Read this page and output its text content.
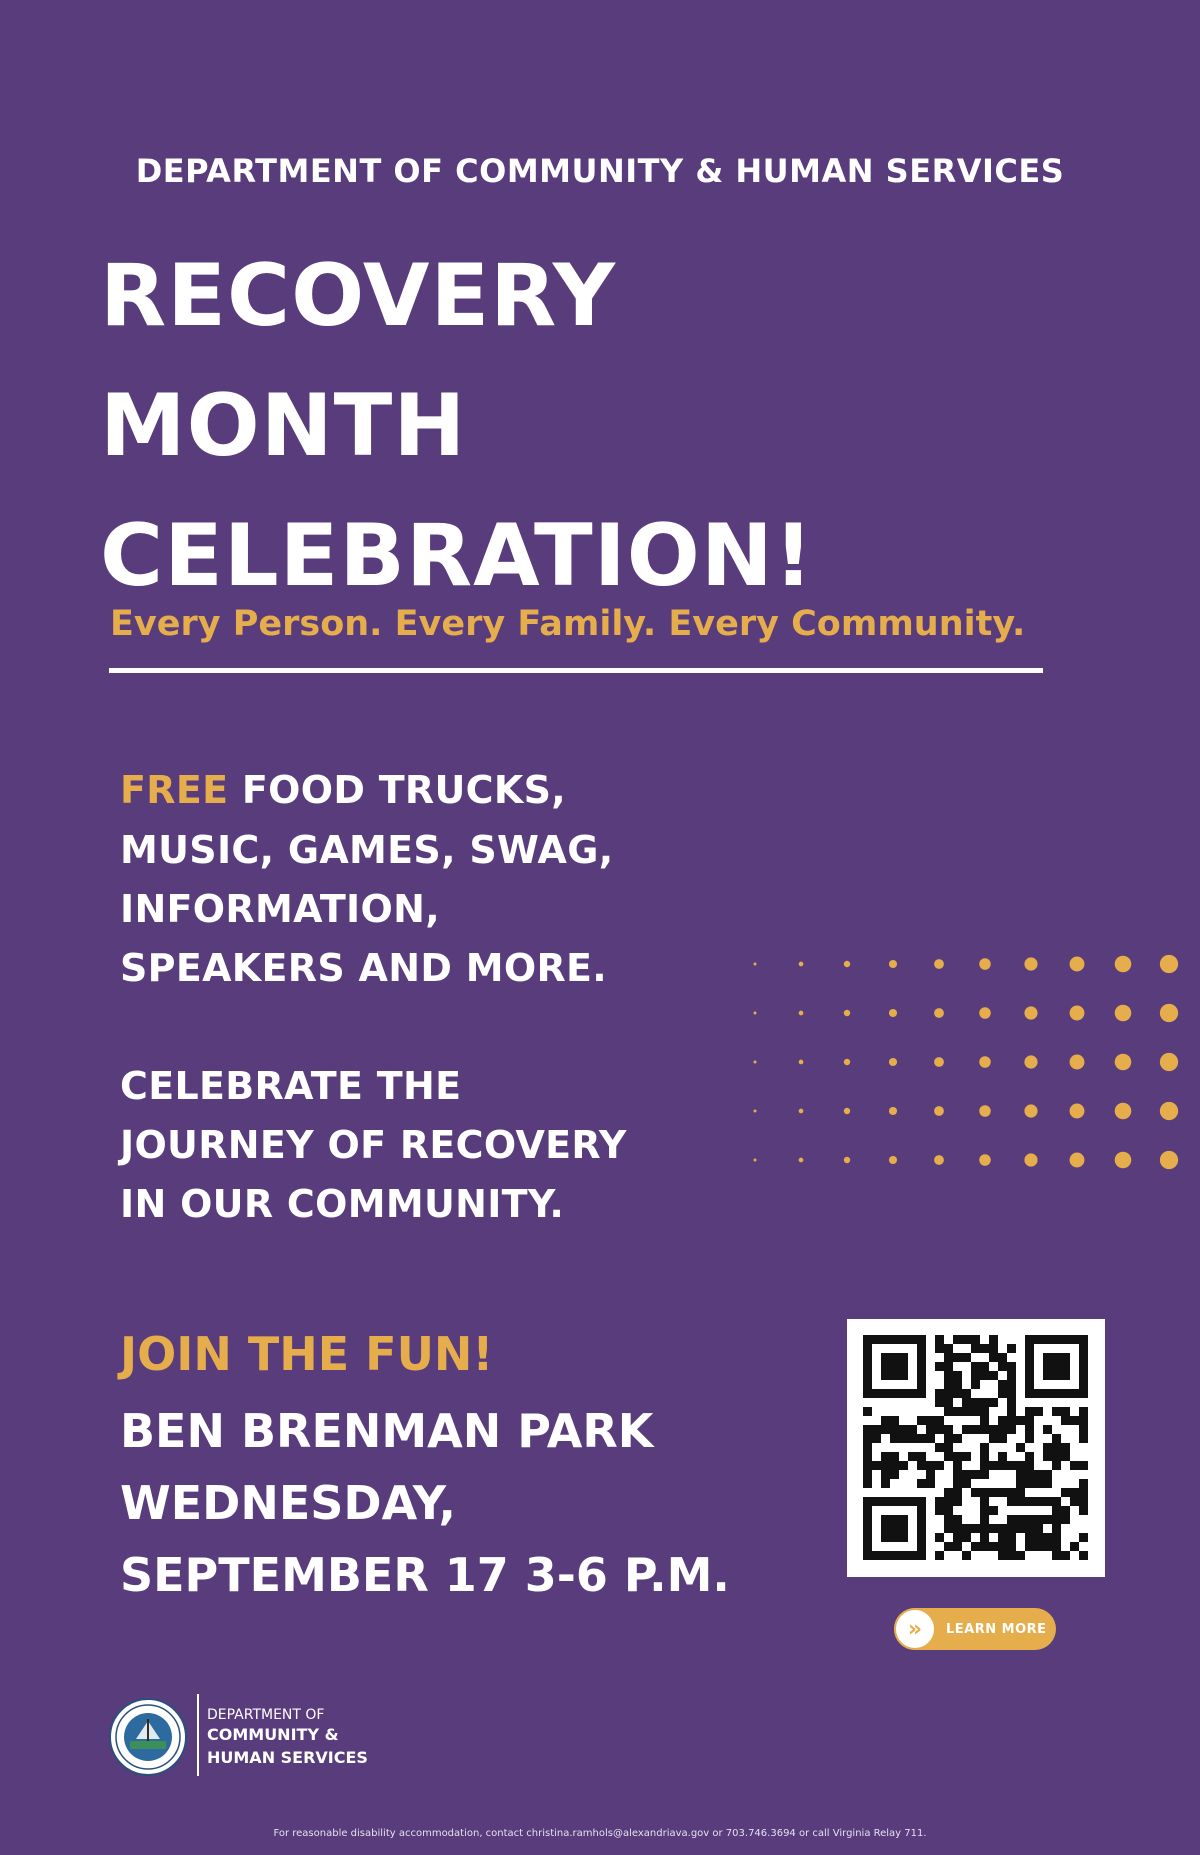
DEPARTMENT OF COMMUNITY & HUMAN SERVICES
RECOVERY
MONTH
CELEBRATION!
Every Person. Every Family. Every Community.
FREE FOOD TRUCKS,
MUSIC, GAMES, SWAG,
INFORMATION,
SPEAKERS AND MORE.
CELEBRATE THE
JOURNEY OF RECOVERY
IN OUR COMMUNITY.
JOIN THE FUN!
BEN BRENMAN PARK
WEDNESDAY,
SEPTEMBER 17 3-6 P.M.
»	LEARN MORE
DEPARTMENT OF
COMMUNITY &
HUMAN SERVICES
For reasonable disability accommodation, contact christina.ramhols@alexandriava.gov or 703.746.3694 or call Virginia Relay 711.
